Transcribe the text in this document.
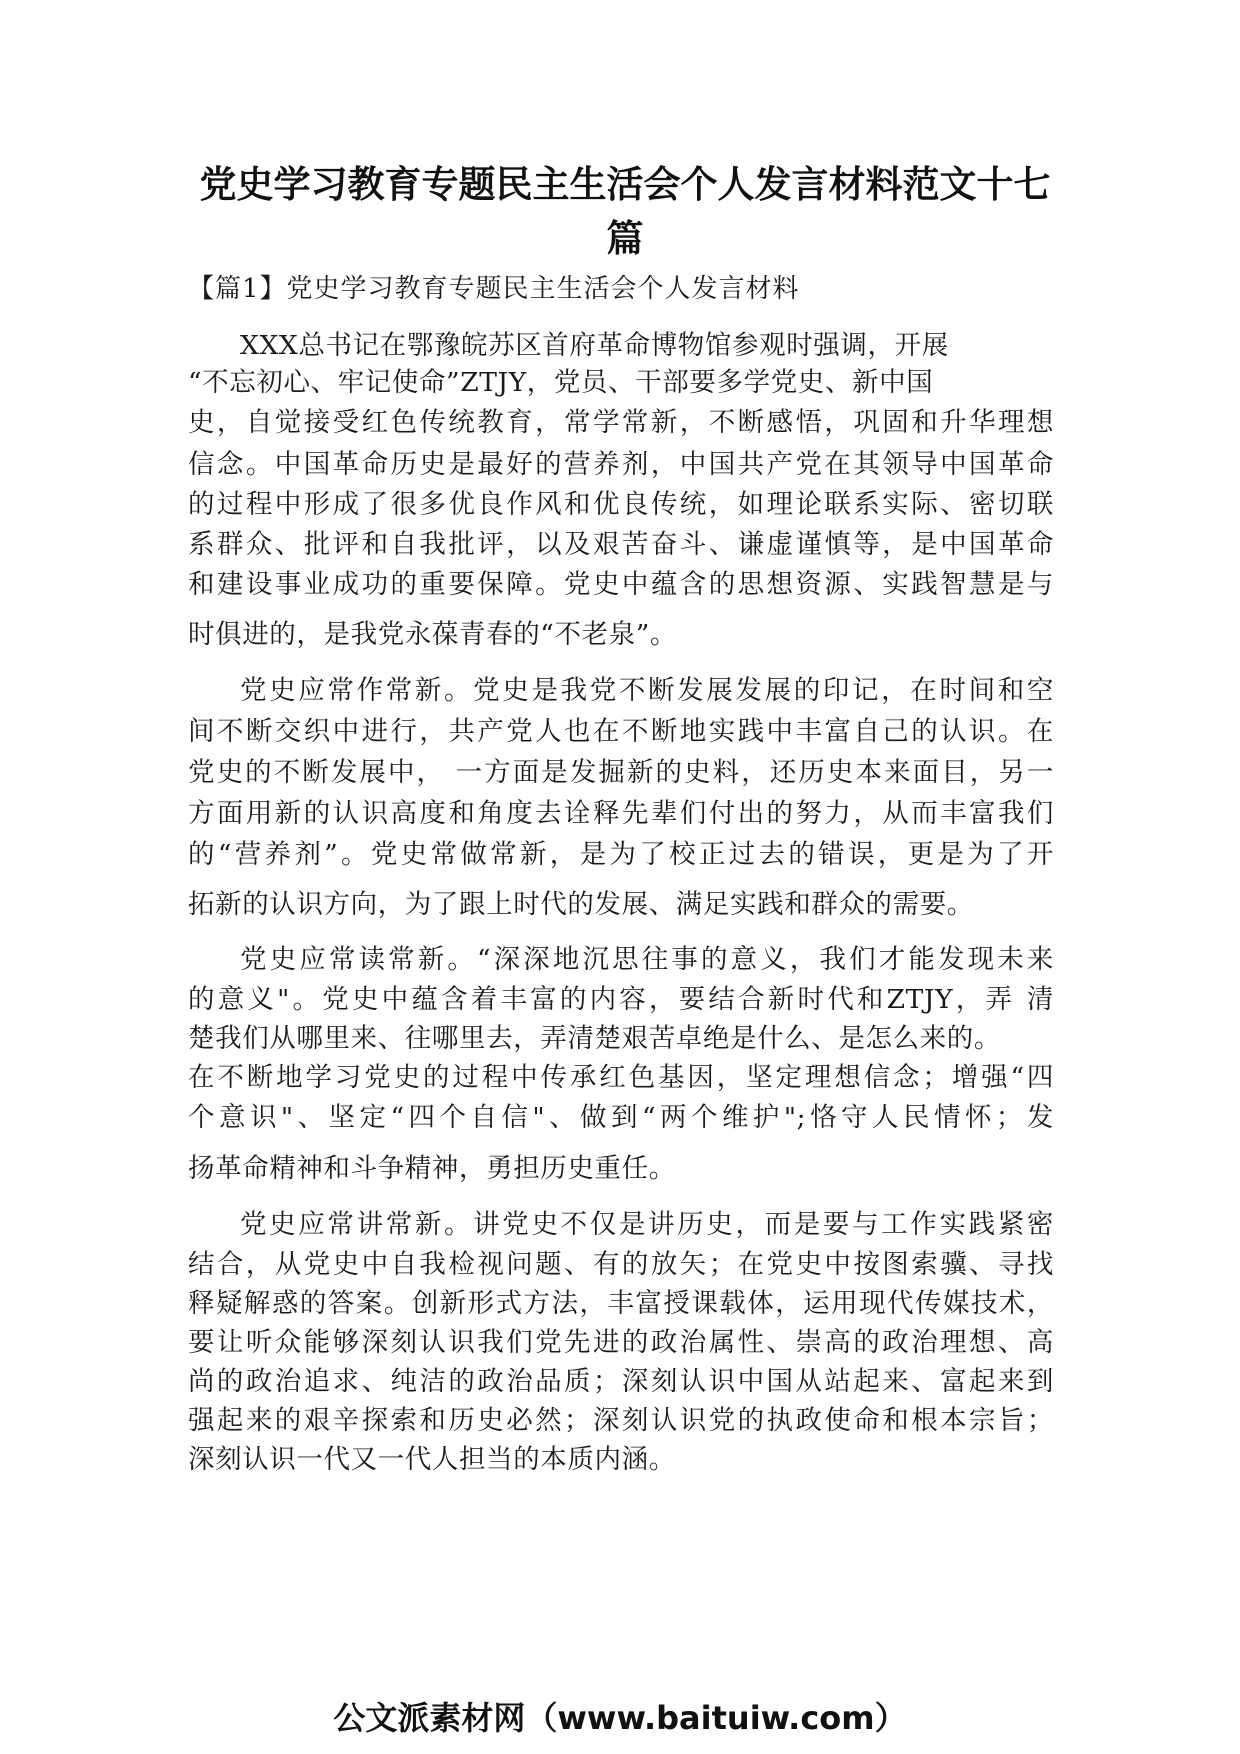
党史学习教育专题民主生活会个人发言材料范文十七
篇
【篇1】党史学习教育专题民主生活会个人发言材料
XXX总书记在鄂豫皖苏区首府革命博物馆参观时强调，开展
“不忘初心、牢记使命”ZTJY，党员、干部要多学党史、新中国
史，自觉接受红色传统教育，常学常新，不断感悟，巩固和升华理想
信念。中国革命历史是最好的营养剂，中国共产党在其领导中国革命
的过程中形成了很多优良作风和优良传统，如理论联系实际、密切联
系群众、批评和自我批评，以及艰苦奋斗、谦虚谨慎等，是中国革命
和建设事业成功的重要保障。党史中蕴含的思想资源、实践智慧是与
时俱进的，是我党永葆青春的“不老泉”。
党史应常作常新。党史是我党不断发展发展的印记，在时间和空
间不断交织中进行，共产党人也在不断地实践中丰富自己的认识。在
党史的不断发展中， 一方面是发掘新的史料，还历史本来面目，另一
方面用新的认识高度和角度去诠释先辈们付出的努力，从而丰富我们
的“营养剂”。党史常做常新，是为了校正过去的错误，更是为了开
拓新的认识方向，为了跟上时代的发展、满足实践和群众的需要。
党史应常读常新。“深深地沉思往事的意义，我们才能发现未来
的意义"。党史中蕴含着丰富的内容，要结合新时代和ZTJY，弄 清
楚我们从哪里来、往哪里去，弄清楚艰苦卓绝是什么、是怎么来的。
在不断地学习党史的过程中传承红色基因，坚定理想信念；增强“四
个意识"、坚定“四个自信"、做到“两个维护";恪守人民情怀；发
扬革命精神和斗争精神，勇担历史重任。
党史应常讲常新。讲党史不仅是讲历史，而是要与工作实践紧密
结合，从党史中自我检视问题、有的放矢；在党史中按图索骥、寻找
释疑解惑的答案。创新形式方法，丰富授课载体，运用现代传媒技术，
要让听众能够深刻认识我们党先进的政治属性、崇高的政治理想、高
尚的政治追求、纯洁的政治品质；深刻认识中国从站起来、富起来到
强起来的艰辛探索和历史必然；深刻认识党的执政使命和根本宗旨；
深刻认识一代又一代人担当的本质内涵。
公文派素材网（www.baituiw.com）
